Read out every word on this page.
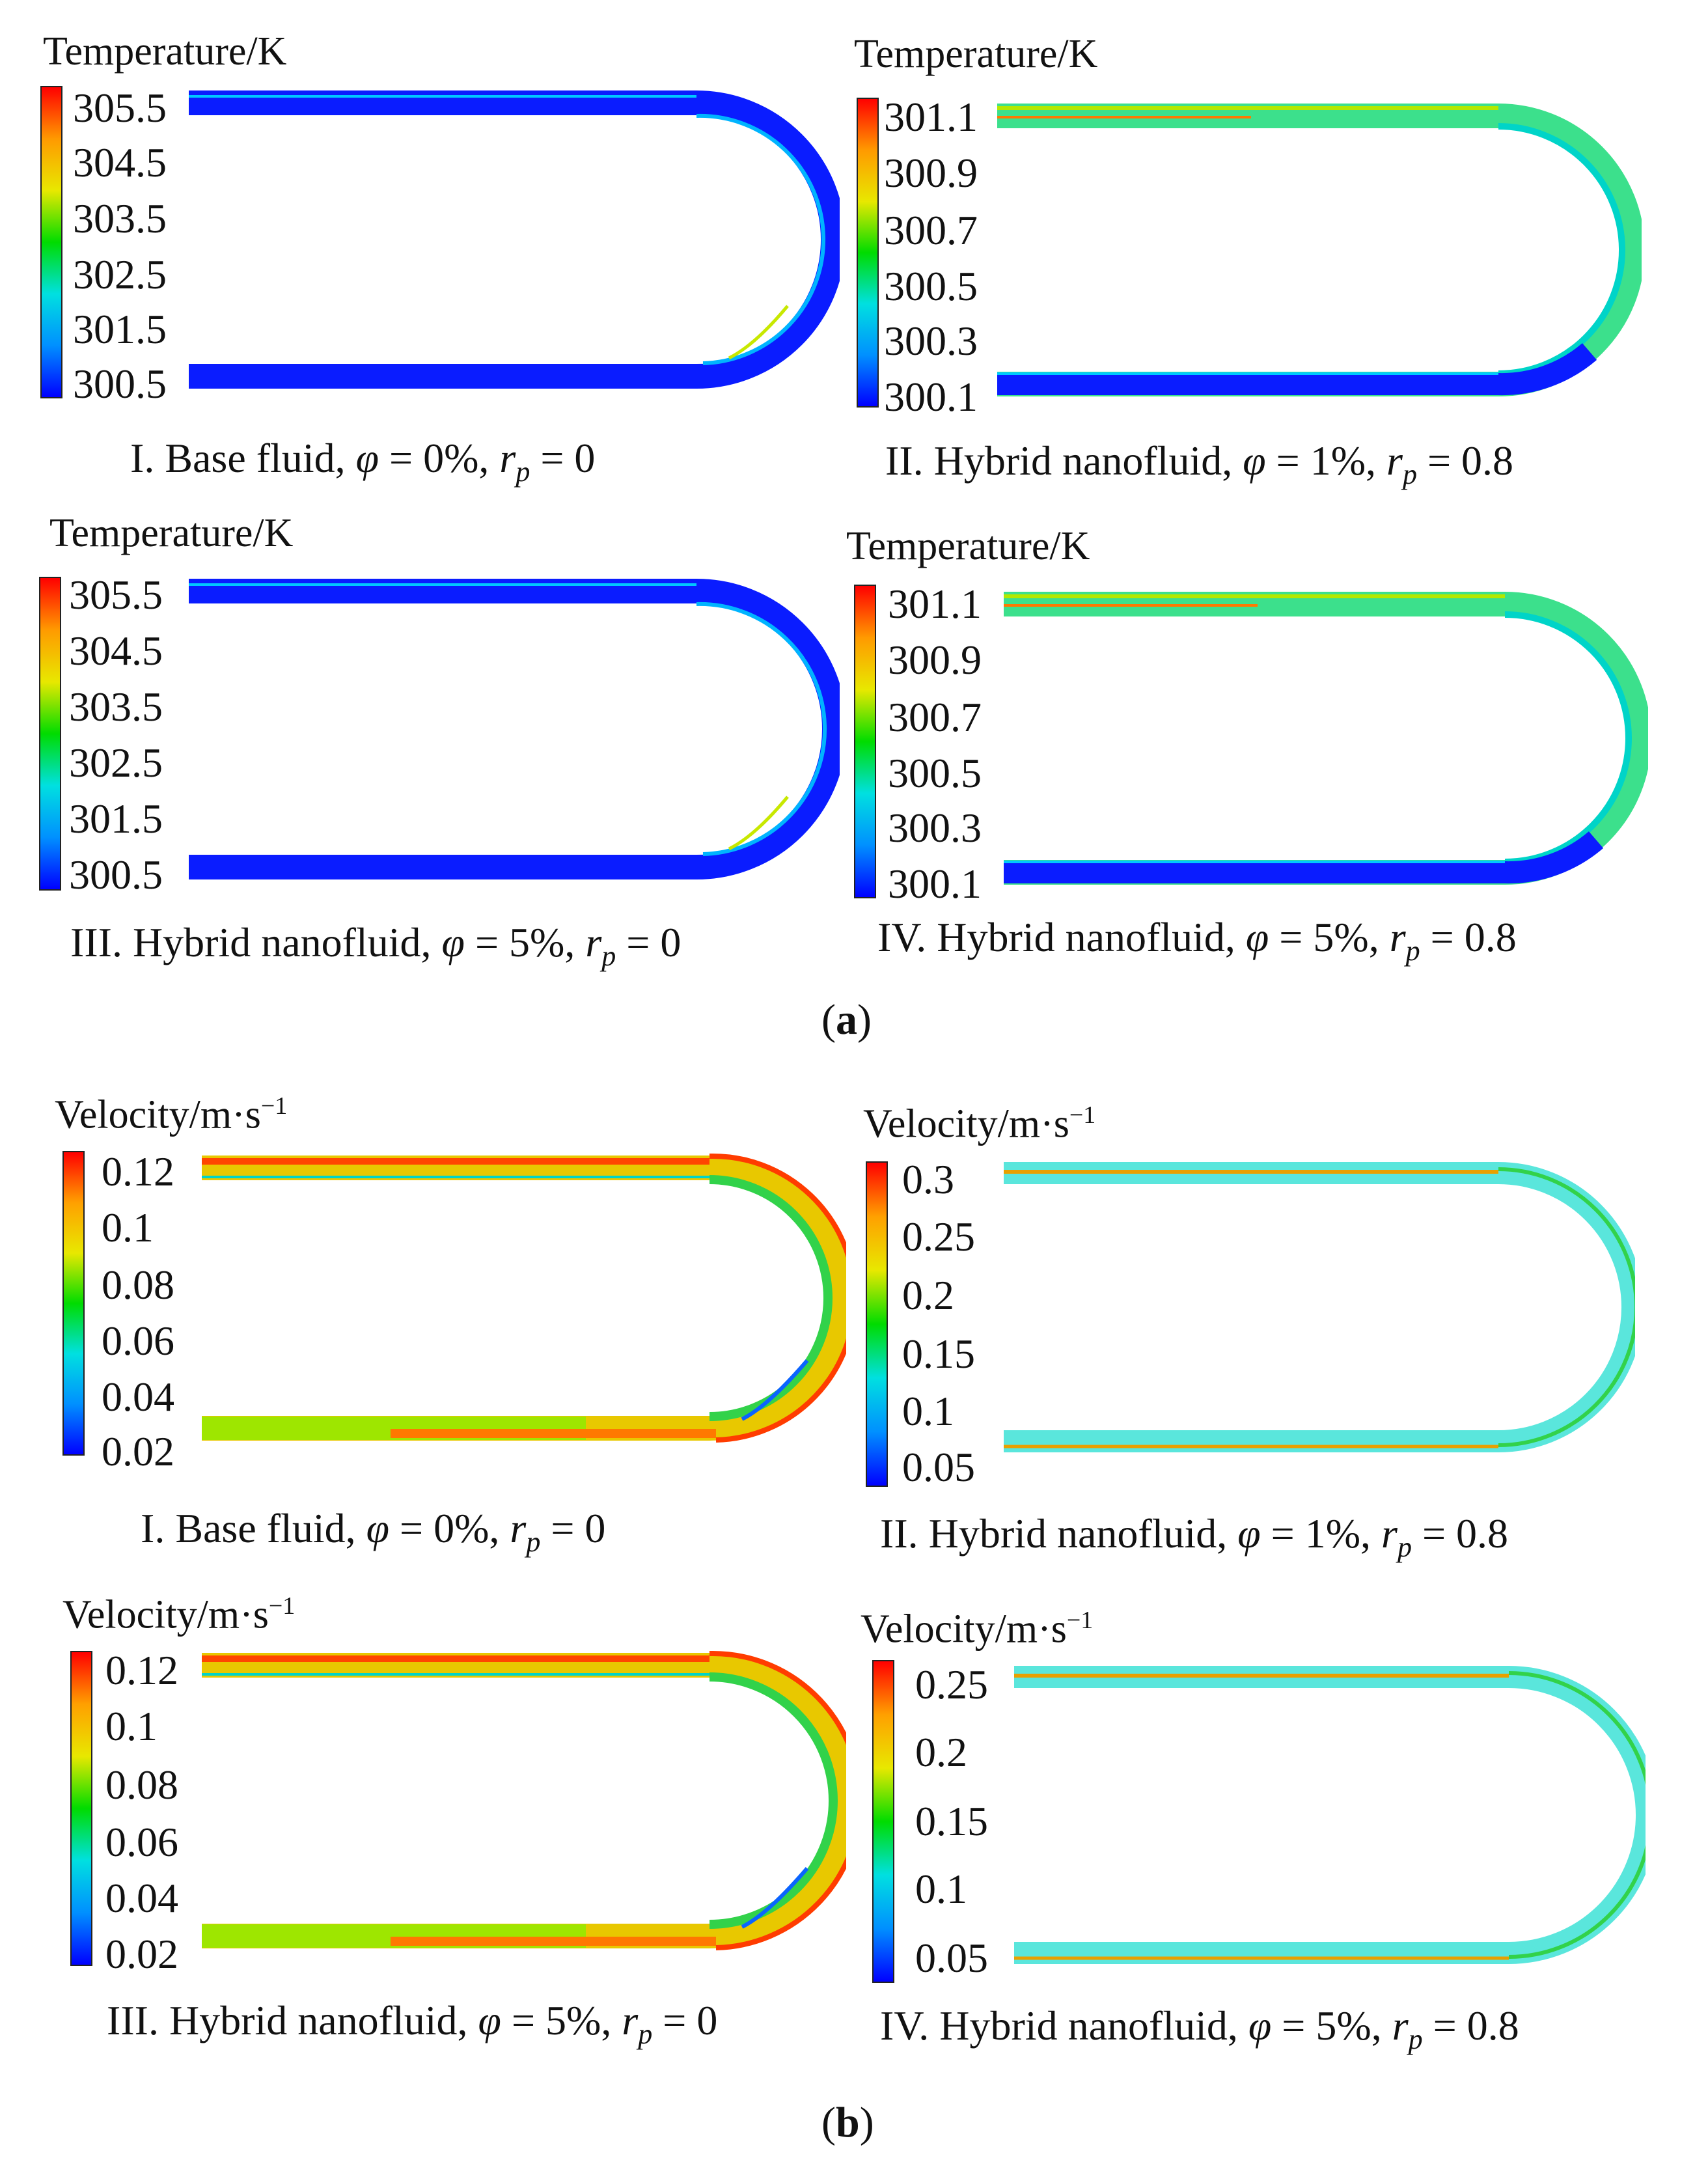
Temperature/K
305.5
304.5
303.5
302.5
301.5
300.5
I. Base fluid, φ = 0%, $r_p = 0$
Temperature/K
301.1
300.9
300.7
300.5
300.3
300.1
II. Hybrid nanofluid, φ = 1%, $r_p = 0.8$
Temperature/K
305.5
304.5
303.5
302.5
301.5
300.5
III. Hybrid nanofluid, φ = 5%, $r_p = 0$
Temperature/K
301.1
300.9
300.7
300.5
300.3
300.1
IV. Hybrid nanofluid, φ = 5%, $r_p = 0.8$
(a)
Velocity/$m\cdot s^{-1}$
0.12
0.1
0.08
0.06
0.04
0.02
I. Base fluid, φ = 0%, $r_p = 0$
Velocity/$m\cdot s^{-1}$
0.3
0.25
0.2
0.15
0.1
0.05
II. Hybrid nanofluid, φ = 1%, $r_p = 0.8$
Velocity/$m\cdot s^{-1}$
0.12
0.1
0.08
0.06
0.04
0.02
III. Hybrid nanofluid, φ = 5%, $r_p = 0$
Velocity/$m\cdot s^{-1}$
0.25
0.2
0.15
0.1
0.05
IV. Hybrid nanofluid, φ = 5%, $r_p = 0.8$
(b)
